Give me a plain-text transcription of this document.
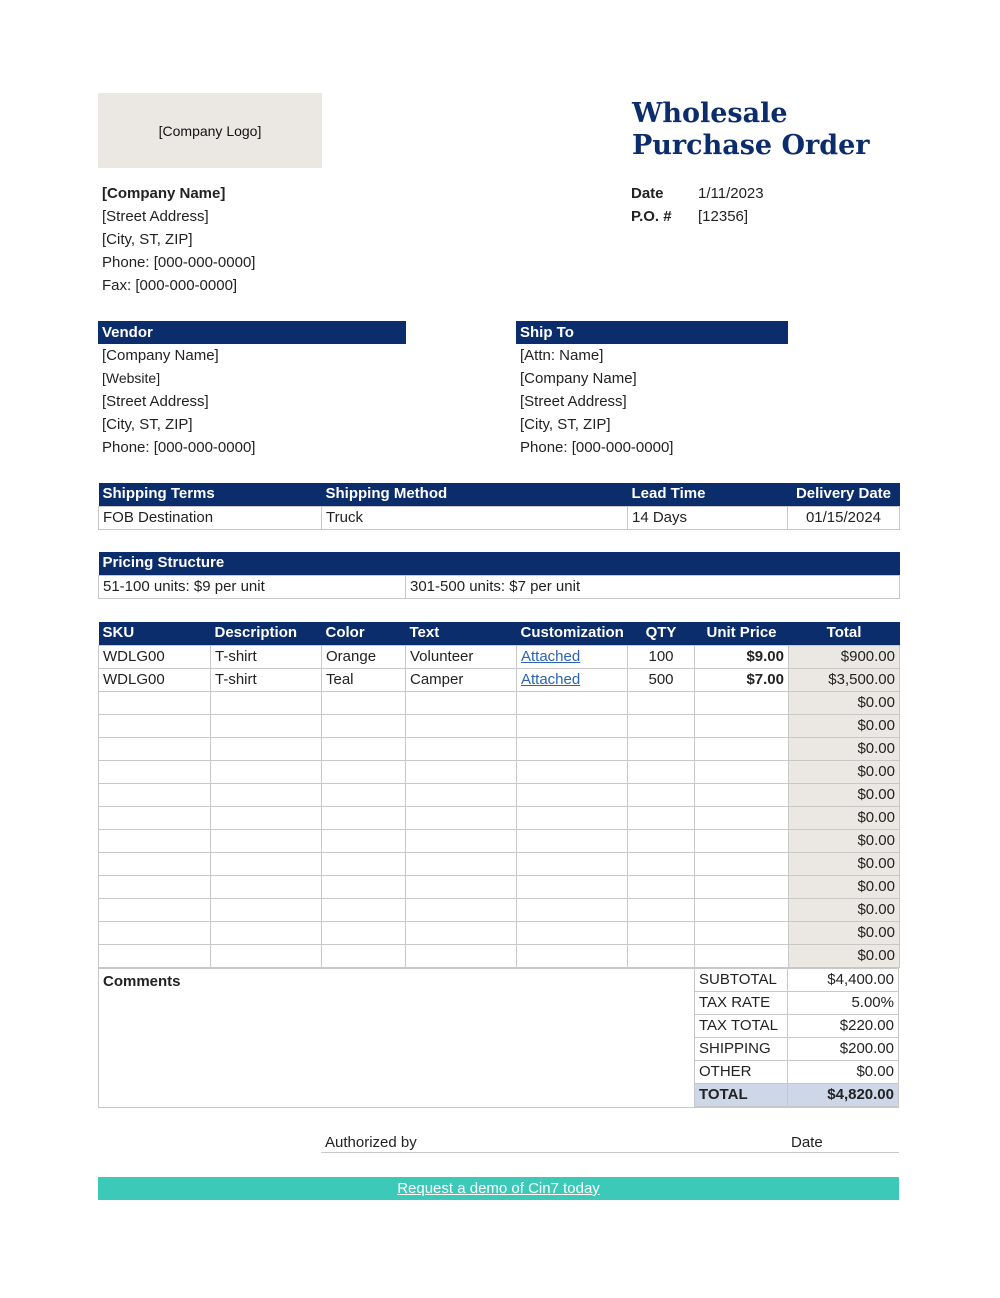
[Company Logo]
Wholesale
Purchase Order
[Company Name]
[Street Address]
[City, ST, ZIP]
Phone: [000-000-0000]
Fax: [000-000-0000]
Date	1/11/2023
P.O. #	[12356]
Vendor
[Company Name]
[Website]
[Street Address]
[City, ST, ZIP]
Phone: [000-000-0000]
Ship To
[Attn: Name]
[Company Name]
[Street Address]
[City, ST, ZIP]
Phone: [000-000-0000]
Shipping Terms	Shipping Method	Lead Time	Delivery Date
FOB Destination	Truck	14 Days	01/15/2024
Pricing Structure
51-100 units: $9 per unit	301-500 units: $7 per unit
SKU	Description	Color	Text	Customization	QTY	Unit Price	Total
WDLG00	T-shirt	Orange	Volunteer	Attached	100	$9.00	$900.00
WDLG00	T-shirt	Teal	Camper	Attached	500	$7.00	$3,500.00
							$0.00
							$0.00
							$0.00
							$0.00
							$0.00
							$0.00
							$0.00
							$0.00
							$0.00
							$0.00
							$0.00
							$0.00
Comments	SUBTOTAL	$4,400.00
TAX RATE	5.00%
TAX TOTAL	$220.00
SHIPPING	$200.00
OTHER	$0.00
TOTAL	$4,820.00
Authorized by	Date
Request a demo of Cin7 today
